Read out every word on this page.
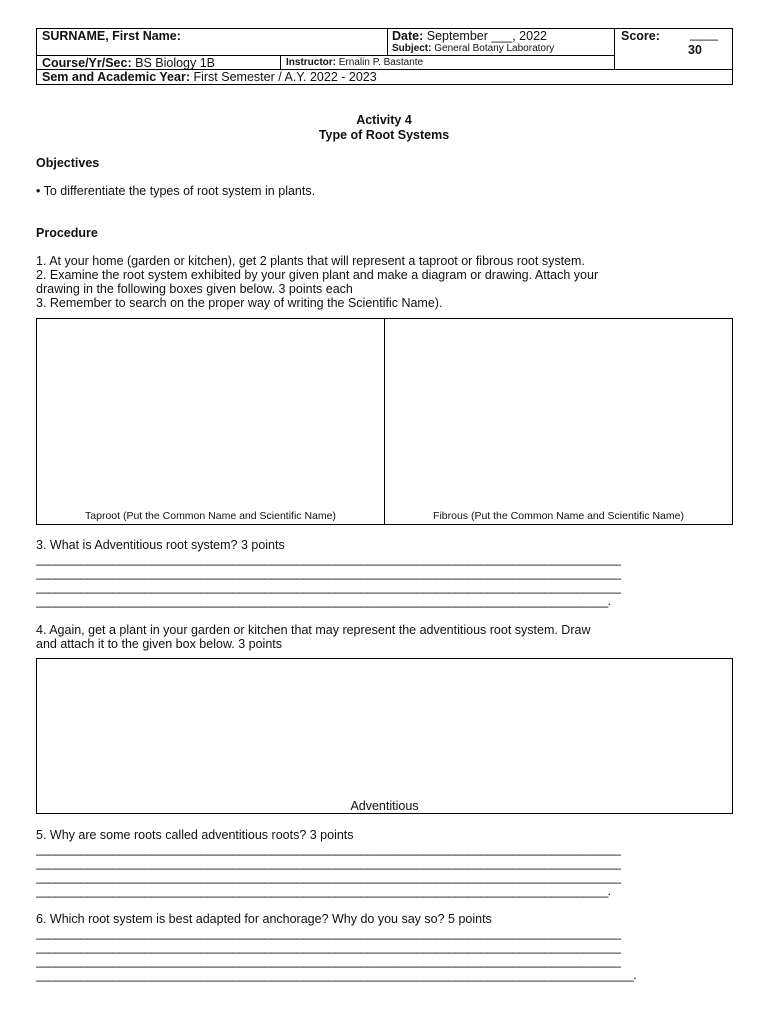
SURNAME, First Name:	Date: September ___, 2022
Subject: General Botany Laboratory
Score: ____
30
Course/Yr/Sec: BS Biology 1B	Instructor: Ernalin P. Bastante
Sem and Academic Year: First Semester / A.Y. 2022 - 2023
Activity 4
Type of Root Systems
Objectives
• To differentiate the types of root system in plants.
Procedure
1. At your home (garden or kitchen), get 2 plants that will represent a taproot or fibrous root system.
2. Examine the root system exhibited by your given plant and make a diagram or drawing. Attach your
drawing in the following boxes given below. 3 points each
3. Remember to search on the proper way of writing the Scientific Name).
Taproot (Put the Common Name and Scientific Name)	Fibrous (Put the Common Name and Scientific Name)
3. What is Adventitious root system? 3 points
____________________________________________________________________________________________
____________________________________________________________________________________________
____________________________________________________________________________________________
__________________________________________________________________________________________.
4. Again, get a plant in your garden or kitchen that may represent the adventitious root system. Draw
and attach it to the given box below. 3 points
Adventitious
5. Why are some roots called adventitious roots? 3 points
____________________________________________________________________________________________
____________________________________________________________________________________________
____________________________________________________________________________________________
__________________________________________________________________________________________.
6. Which root system is best adapted for anchorage? Why do you say so? 5 points
____________________________________________________________________________________________
____________________________________________________________________________________________
____________________________________________________________________________________________
______________________________________________________________________________________________.
